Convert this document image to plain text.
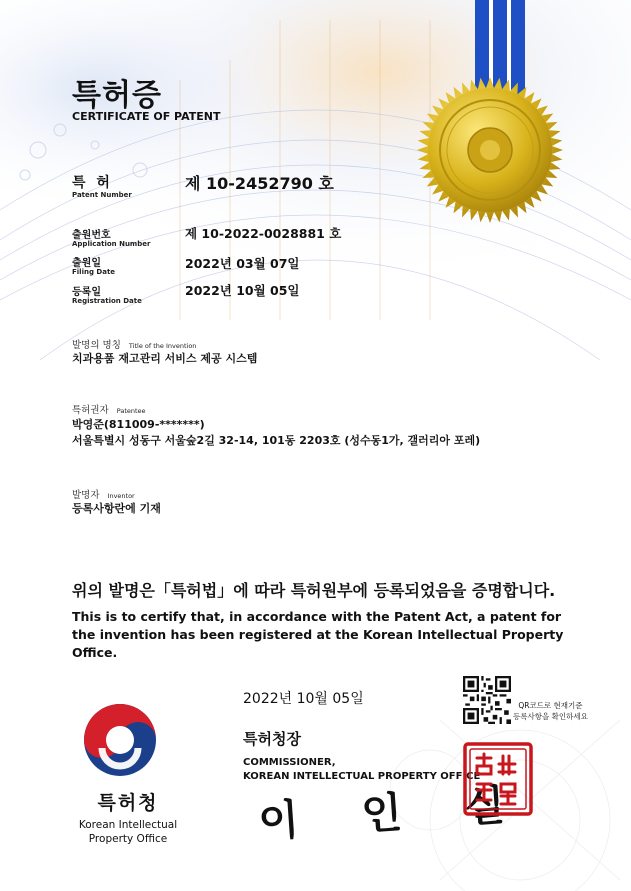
특허증
CERTIFICATE OF PATENT
특 허
Patent Number
제 10-2452790 호
출원번호
Application Number
제 10-2022-0028881 호
출원일
Filing Date
2022년 03월 07일
등록일
Registration Date
2022년 10월 05일
발명의 명칭 Title of the Invention
치과용품 재고관리 서비스 제공 시스템
특허권자 Patentee
박영준(811009-*******)
서울특별시 성동구 서울숲2길 32-14, 101동 2203호 (성수동1가, 갤러리아 포레)
발명자 Inventor
등록사항란에 기재
위의 발명은「특허법」에 따라 특허원부에 등록되었음을 증명합니다.
This is to certify that, in accordance with the Patent Act, a patent for the invention has been registered at the Korean Intellectual Property Office.
2022년 10월 05일	QR코드로 현재기준
등록사항을 확인하세요
특허청장
COMMISSIONER,
KOREAN INTELLECTUAL PROPERTY OFFICE
이 인 실
특허청
Korean Intellectual
Property Office
